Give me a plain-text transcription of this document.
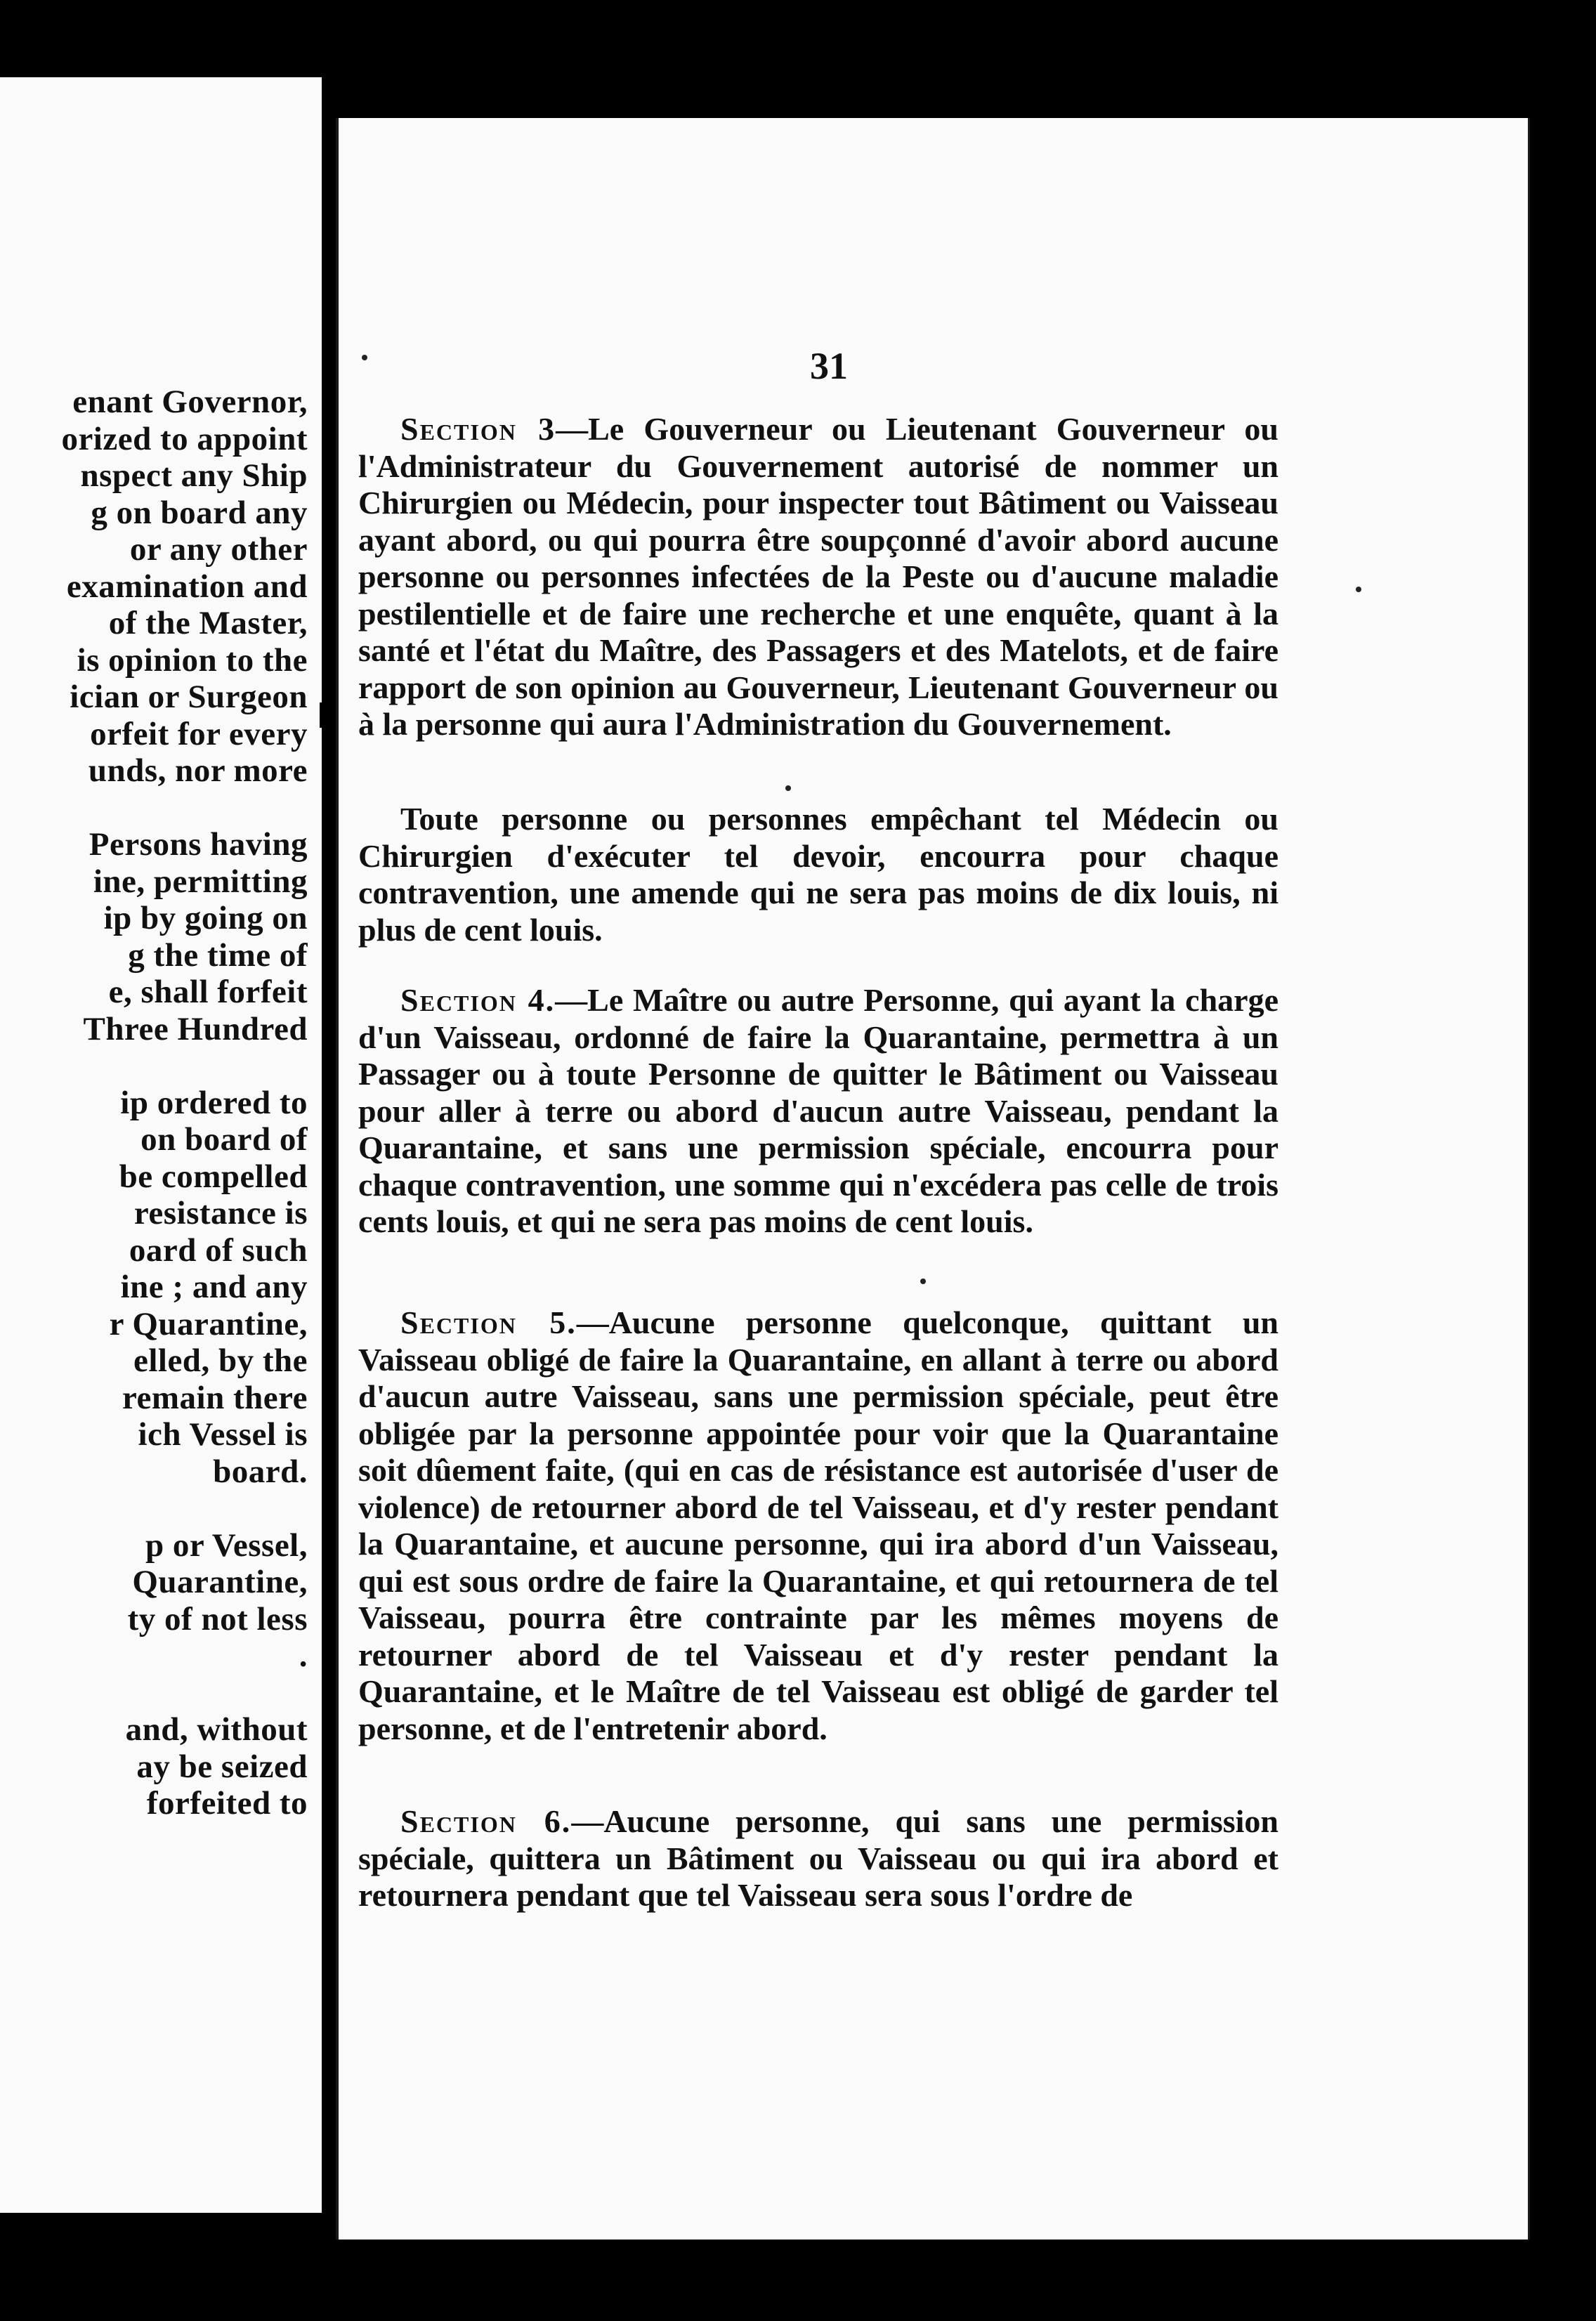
enant Governor,
orized to appoint
nspect any Ship
g on board any
or any other
examination and
of the Master,
is opinion to the
ician or Surgeon
orfeit for every
unds, nor more
Persons having
ine, permitting
ip by going on
g the time of
e, shall forfeit
Three Hundred
ip ordered to
on board of
be compelled
resistance is
oard of such
ine ; and any
r Quarantine,
elled, by the
remain there
ich Vessel is
board.
p or Vessel,
Quarantine,
ty of not less
.
and, without
ay be seized
forfeited to
31

Section 3—Le Gouverneur ou Lieutenant Gouverneur ou l'Administrateur du Gouvernement autorisé de nommer un Chirurgien ou Médecin, pour inspecter tout Bâtiment ou Vaisseau ayant abord, ou qui pourra être soupçonné d'avoir abord aucune personne ou personnes infectées de la Peste ou d'aucune maladie pestilentielle et de faire une recherche et une enquête, quant à la santé et l'état du Maître, des Passagers et des Matelots, et de faire rapport de son opinion au Gouverneur, Lieutenant Gouverneur ou à la personne qui aura l'Administration du Gouvernement.

Toute personne ou personnes empêchant tel Médecin ou Chirurgien d'exécuter tel devoir, encourra pour chaque contravention, une amende qui ne sera pas moins de dix louis, ni plus de cent louis.

Section 4.—Le Maître ou autre Personne, qui ayant la charge d'un Vaisseau, ordonné de faire la Quarantaine, permettra à un Passager ou à toute Personne de quitter le Bâtiment ou Vaisseau pour aller à terre ou abord d'aucun autre Vaisseau, pendant la Quarantaine, et sans une permission spéciale, encourra pour chaque contravention, une somme qui n'excédera pas celle de trois cents louis, et qui ne sera pas moins de cent louis.

Section 5.—Aucune personne quelconque, quittant un Vaisseau obligé de faire la Quarantaine, en allant à terre ou abord d'aucun autre Vaisseau, sans une permission spéciale, peut être obligée par la personne appointée pour voir que la Quarantaine soit dûement faite, (qui en cas de résistance est autorisée d'user de violence) de retourner abord de tel Vaisseau, et d'y rester pendant la Quarantaine, et aucune personne, qui ira abord d'un Vaisseau, qui est sous ordre de faire la Quarantaine, et qui retournera de tel Vaisseau, pourra être contrainte par les mêmes moyens de retourner abord de tel Vaisseau et d'y rester pendant la Quarantaine, et le Maître de tel Vaisseau est obligé de garder tel personne, et de l'entretenir abord.

Section 6.—Aucune personne, qui sans une permission spéciale, quittera un Bâtiment ou Vaisseau ou qui ira abord et retournera pendant que tel Vaisseau sera sous l'ordre de
